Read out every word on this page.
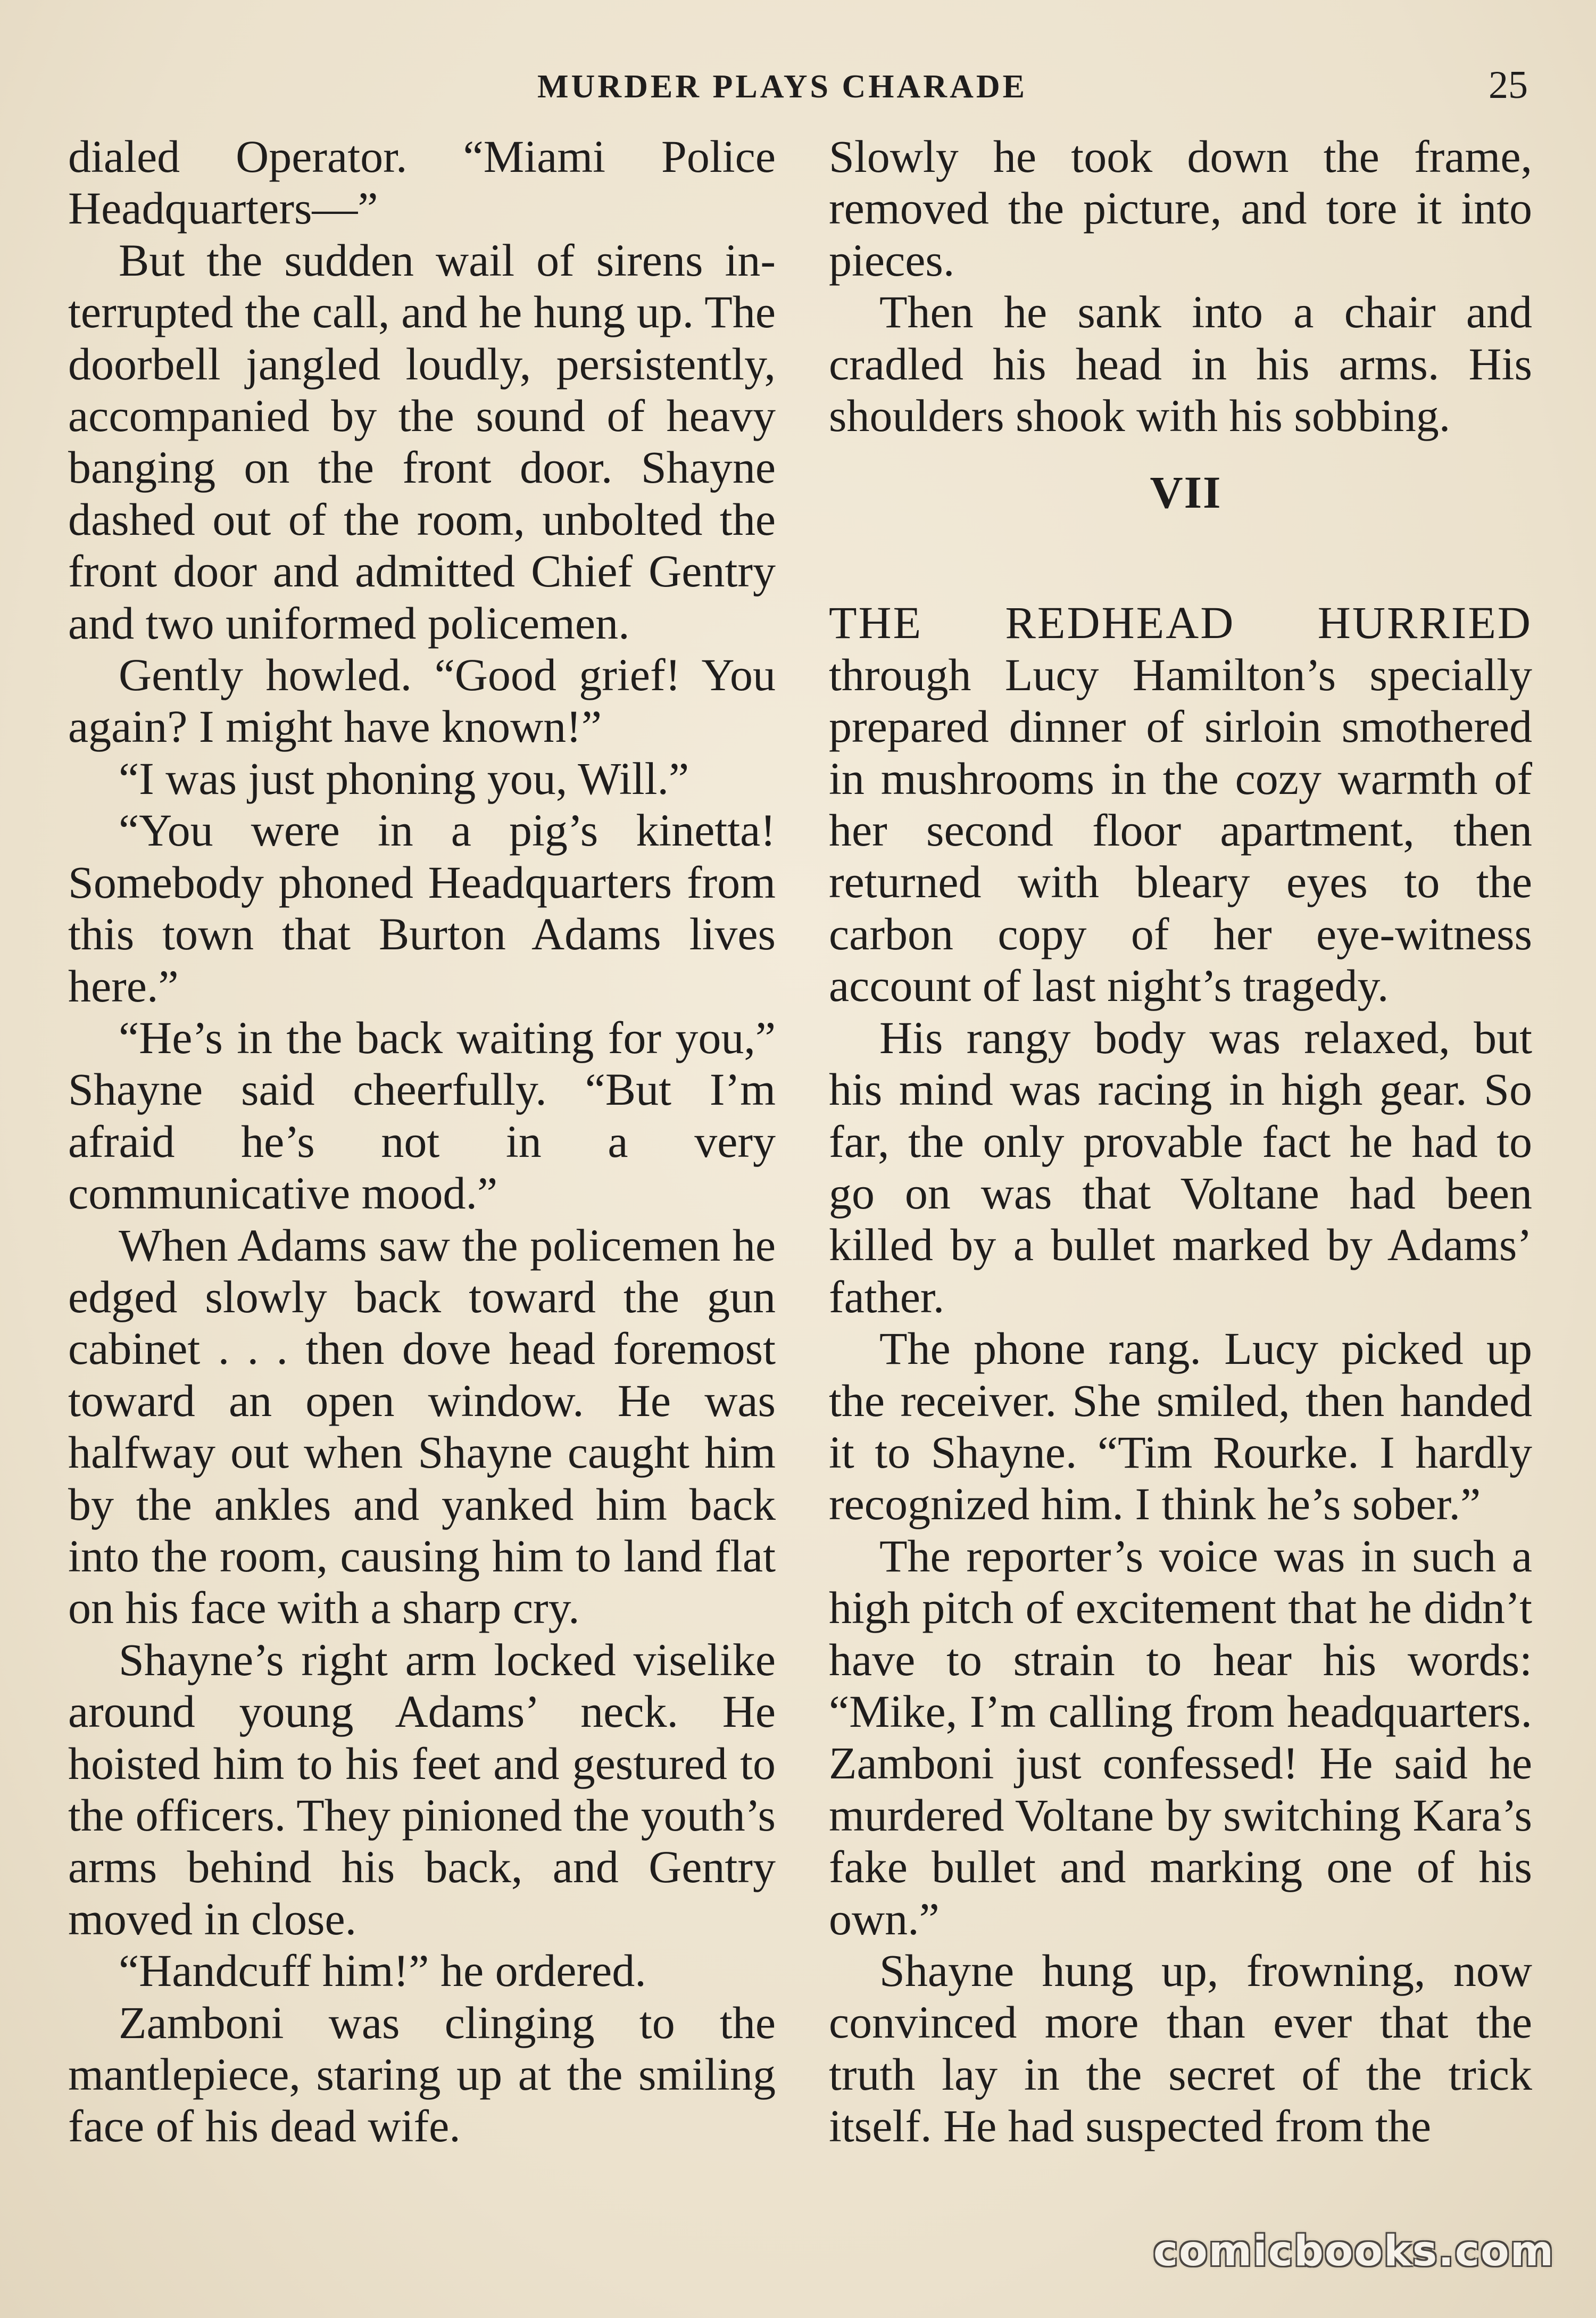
MURDER PLAYS CHARADE	25

dialed Operator. “Miami Police Headquarters—”

But the sudden wail of sirens interrupted the call, and he hung up. The doorbell jangled loudly, persistently, accompanied by the sound of heavy banging on the front door. Shayne dashed out of the room, unbolted the front door and admitted Chief Gentry and two uniformed policemen.

Gently howled. “Good grief! You again? I might have known!”

“I was just phoning you, Will.”

“You were in a pig’s kinetta! Somebody phoned Headquarters from this town that Burton Adams lives here.”

“He’s in the back waiting for you,” Shayne said cheerfully. “But I’m afraid he’s not in a very communicative mood.”

When Adams saw the policemen he edged slowly back toward the gun cabinet . . . then dove head foremost toward an open window. He was halfway out when Shayne caught him by the ankles and yanked him back into the room, causing him to land flat on his face with a sharp cry.

Shayne’s right arm locked viselike around young Adams’ neck. He hoisted him to his feet and gestured to the officers. They pinioned the youth’s arms behind his back, and Gentry moved in close.

“Handcuff him!” he ordered.

Zamboni was clinging to the mantlepiece, staring up at the smiling face of his dead wife.

Slowly he took down the frame, removed the picture, and tore it into pieces.

Then he sank into a chair and cradled his head in his arms. His shoulders shook with his sobbing.

VII

THE REDHEAD HURRIED through Lucy Hamilton’s specially prepared dinner of sirloin smothered in mushrooms in the cozy warmth of her second floor apartment, then returned with bleary eyes to the carbon copy of her eye-witness account of last night’s tragedy.

His rangy body was relaxed, but his mind was racing in high gear. So far, the only provable fact he had to go on was that Voltane had been killed by a bullet marked by Adams’ father.

The phone rang. Lucy picked up the receiver. She smiled, then handed it to Shayne. “Tim Rourke. I hardly recognized him. I think he’s sober.”

The reporter’s voice was in such a high pitch of excitement that he didn’t have to strain to hear his words: “Mike, I’m calling from headquarters. Zamboni just confessed! He said he murdered Voltane by switching Kara’s fake bullet and marking one of his own.”

Shayne hung up, frowning, now convinced more than ever that the truth lay in the secret of the trick itself. He had suspected from the

comicbooks.com
